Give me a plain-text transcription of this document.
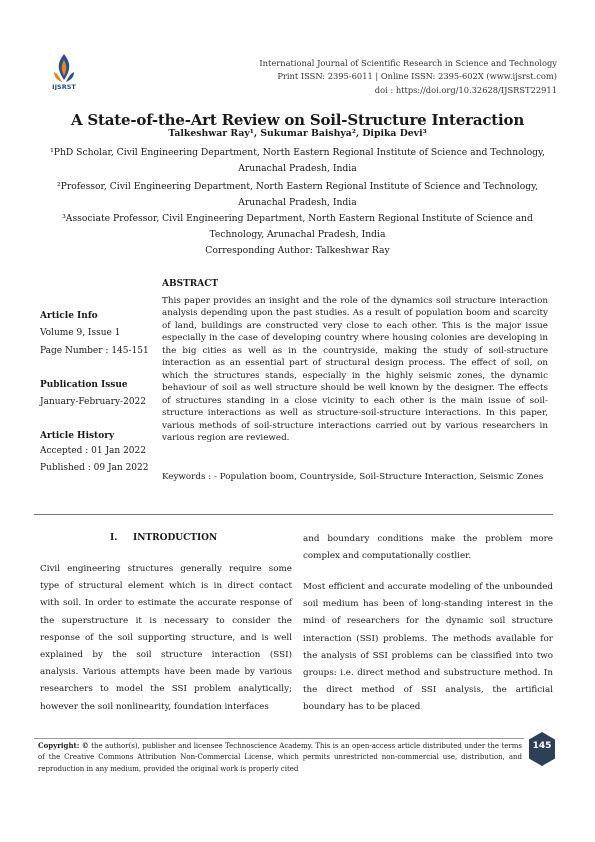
IJSRST
International Journal of Scientific Research in Science and Technology
Print ISSN: 2395-6011 | Online ISSN: 2395-602X (www.ijsrst.com)
doi : https://doi.org/10.32628/IJSRST22911
A State-of-the-Art Review on Soil-Structure Interaction
Talkeshwar Ray¹, Sukumar Baishya², Dipika Devi³
¹PhD Scholar, Civil Engineering Department, North Eastern Regional Institute of Science and Technology,
Arunachal Pradesh, India
²Professor, Civil Engineering Department, North Eastern Regional Institute of Science and Technology,
Arunachal Pradesh, India
³Associate Professor, Civil Engineering Department, North Eastern Regional Institute of Science and
Technology, Arunachal Pradesh, India
Corresponding Author: Talkeshwar Ray
Article Info
Volume 9, Issue 1
Page Number : 145-151
Publication Issue
January-February-2022
Article History
Accepted : 01 Jan 2022
Published : 09 Jan 2022
ABSTRACT
This paper provides an insight and the role of the dynamics soil structure interaction analysis depending upon the past studies. As a result of population boom and scarcity of land, buildings are constructed very close to each other. This is the major issue especially in the case of developing country where housing colonies are developing in the big cities as well as in the countryside, making the study of soil-structure interaction as an essential part of structural design process. The effect of soil, on which the structures stands, especially in the highly seismic zones, the dynamic behaviour of soil as well structure should be well known by the designer. The effects of structures standing in a close vicinity to each other is the main issue of soil-structure interactions as well as structure-soil-structure interactions. In this paper, various methods of soil-structure interactions carried out by various researchers in various region are reviewed.
Keywords : - Population boom, Countryside, Soil-Structure Interaction, Seismic Zones
I.     INTRODUCTION
Civil engineering structures generally require some type of structural element which is in direct contact with soil. In order to estimate the accurate response of the superstructure it is necessary to consider the response of the soil supporting structure, and is well explained by the soil structure interaction (SSI) analysis. Various attempts have been made by various researchers to model the SSI problem analytically; however the soil nonlinearity, foundation interfaces
and boundary conditions make the problem more complex and computationally costlier.
Most efficient and accurate modeling of the unbounded soil medium has been of long-standing interest in the mind of researchers for the dynamic soil structure interaction (SSI) problems. The methods available for the analysis of SSI problems can be classified into two groups: i.e. direct method and substructure method. In the direct method of SSI analysis, the artificial boundary has to be placed
Copyright: © the author(s), publisher and licensee Technoscience Academy. This is an open-access article distributed under the terms of the Creative Commons Attribution Non-Commercial License, which permits unrestricted non-commercial use, distribution, and reproduction in any medium, provided the original work is properly cited
145
